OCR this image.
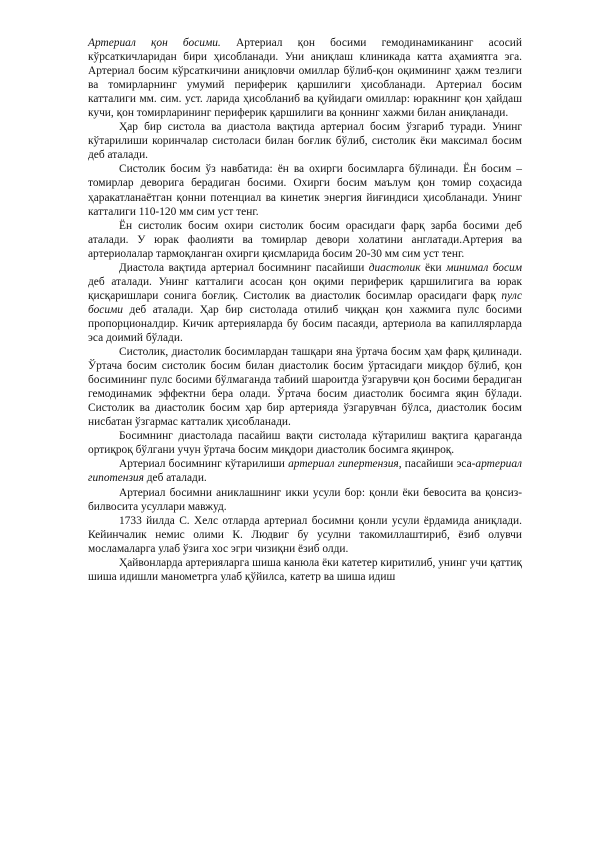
Артериал қон босими. Артериал қон босими гемодинамиканинг асосий кўрсаткичларидан бири ҳисобланади. Уни аниқлаш клиникада катта аҳамиятга эга. Артериал босим кўрсаткичини аниқловчи омиллар бўлиб-қон оқимининг ҳажм тезлиги ва томирларнинг умумий периферик қаршилиги ҳисобланади. Артериал босим катталиги мм. сим. уст. ларида ҳисобланиб ва қуйидаги омиллар: юракнинг қон ҳайдаш кучи, қон томирларининг периферик қаршилиги ва қоннинг хажми билан аниқланади.

Ҳар бир систола ва диастола вақтида артериал босим ўзгариб туради. Унинг кўтарилиши коринчалар систоласи билан боғлик бўлиб, систолик ёки максимал босим деб аталади.

Систолик босим ўз навбатида: ён ва охирги босимларга бўлинади. Ён босим –томирлар деворига берадиган босими. Охирги босим маълум қон томир соҳасида ҳаракатланаётган қонни потенциал ва кинетик энергия йиғиндиси ҳисобланади. Унинг катталиги 110-120 мм сим уст тенг.

Ён систолик босим охири систолик босим орасидаги фарқ зарба босими деб аталади. У юрак фаолияти ва томирлар девори холатини англатади.Артерия ва артериолалар тармоқланган охирги қисмларида босим 20-30 мм сим уст тенг.

Диастола вақтида артериал босимнинг пасайиши диастолик ёки минимал босим деб аталади. Унинг катталиги асосан қон оқими периферик қаршилигига ва юрак қисқаришлари сонига боғлиқ. Систолик ва диастолик босимлар орасидаги фарқ пулс босими деб аталади. Ҳар бир систолада отилиб чиққан қон хажмига пулс босими пропорционалдир. Кичик артерияларда бу босим пасаяди, артериола ва капиллярларда эса доимий бўлади.

Систолик, диастолик босимлардан ташқари яна ўртача босим ҳам фарқ қилинади. Ўртача босим систолик босим билан диастолик босим ўртасидаги миқдор бўлиб, қон босимининг пулс босими бўлмаганда табиий шароитда ўзгарувчи қон босими берадиган гемодинамик эффектни бера олади. Ўртача босим диастолик босимга яқин бўлади. Систолик ва диастолик босим ҳар бир артерияда ўзгарувчан бўлса, диастолик босим нисбатан ўзгармас катталик ҳисобланади.

Босимнинг диастолада пасайиш вақти систолада кўтарилиш вақтига қараганда ортиқроқ бўлгани учун ўртача босим миқдори диастолик босимга яқинроқ.

Артериал босимнинг кўтарилиши артериал гипертензия, пасайиши эса-артериал гипотензия деб аталади.

Артериал босимни аниклашнинг икки усули бор: қонли ёки бевосита ва қонсиз-билвосита усуллари мавжуд.

1733 йилда С. Хелс отларда артериал босимни қонли усули ёрдамида аниқлади. Кейинчалик немис олими К. Людвиг бу усулни такомиллаштириб, ёзиб олувчи мосламаларга улаб ўзига хос эгри чизиқни ёзиб олди.

Ҳайвонларда артерияларга шиша канюла ёки катетер киритилиб, унинг учи қаттиқ шиша идишли манометрга улаб қўйилса, катетр ва шиша идиш
